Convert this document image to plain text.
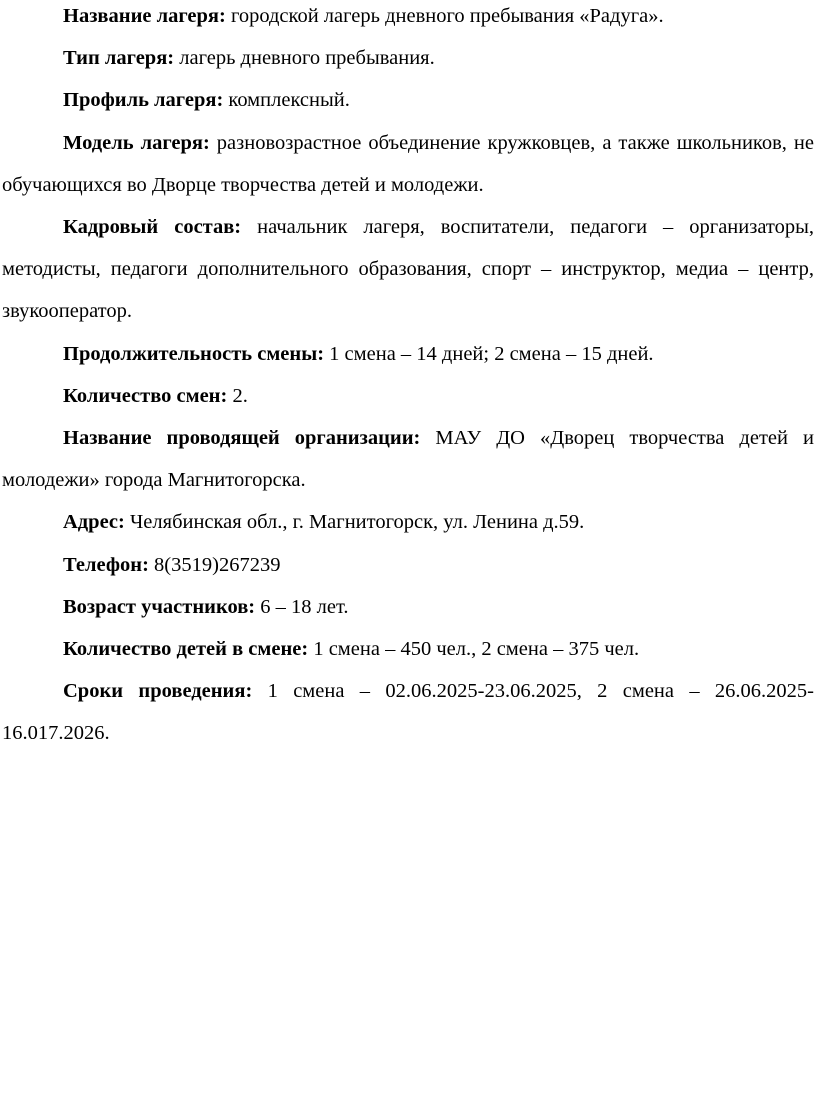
Название лагеря: городской лагерь дневного пребывания «Радуга».

Тип лагеря: лагерь дневного пребывания.

Профиль лагеря: комплексный.

Модель лагеря: разновозрастное объединение кружковцев, а также школьников, не обучающихся во Дворце творчества детей и молодежи.

Кадровый состав: начальник лагеря, воспитатели, педагоги – организаторы, методисты, педагоги дополнительного образования, спорт – инструктор, медиа – центр, звукооператор.

Продолжительность смены: 1 смена – 14 дней; 2 смена – 15 дней.

Количество смен: 2.

Название проводящей организации: МАУ ДО «Дворец творчества детей и молодежи» города Магнитогорска.

Адрес: Челябинская обл., г. Магнитогорск, ул. Ленина д.59.

Телефон: 8(3519)267239

Возраст участников: 6 – 18 лет.

Количество детей в смене: 1 смена – 450 чел., 2 смена – 375 чел.

Сроки проведения: 1 смена – 02.06.2025-23.06.2025, 2 смена – 26.06.2025-16.017.2026.
